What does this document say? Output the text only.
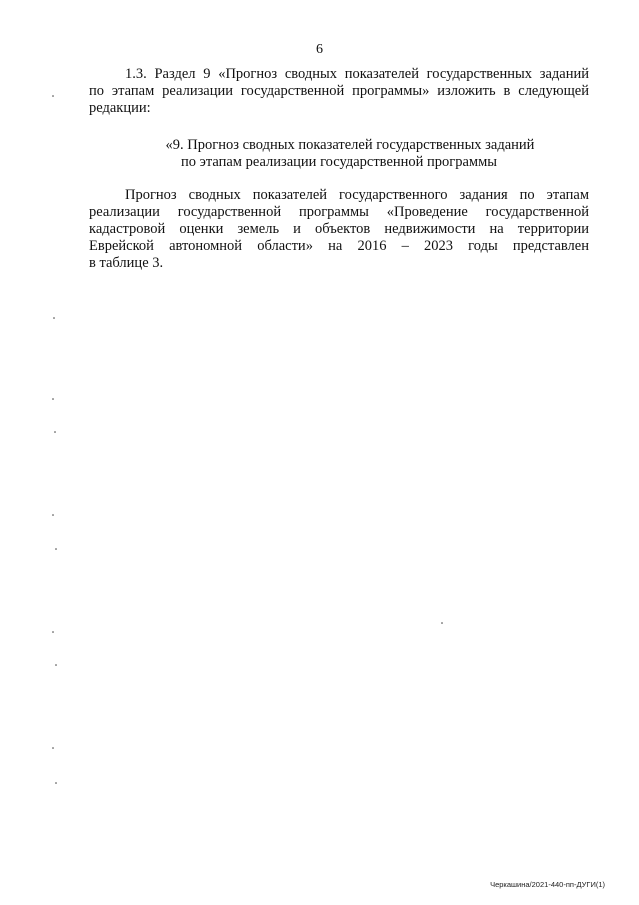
6
1.3. Раздел 9 «Прогноз сводных показателей государственных заданий
по этапам реализации государственной программы» изложить в следующей
редакции:
«9. Прогноз сводных показателей государственных заданий
по этапам реализации государственной программы
Прогноз сводных показателей государственного задания по этапам
реализации государственной программы «Проведение государственной
кадастровой оценки земель и объектов недвижимости на территории
Еврейской автономной области» на 2016 – 2023 годы представлен
в таблице 3.
Черкашина/2021-440-пп-ДУГИ(1)
